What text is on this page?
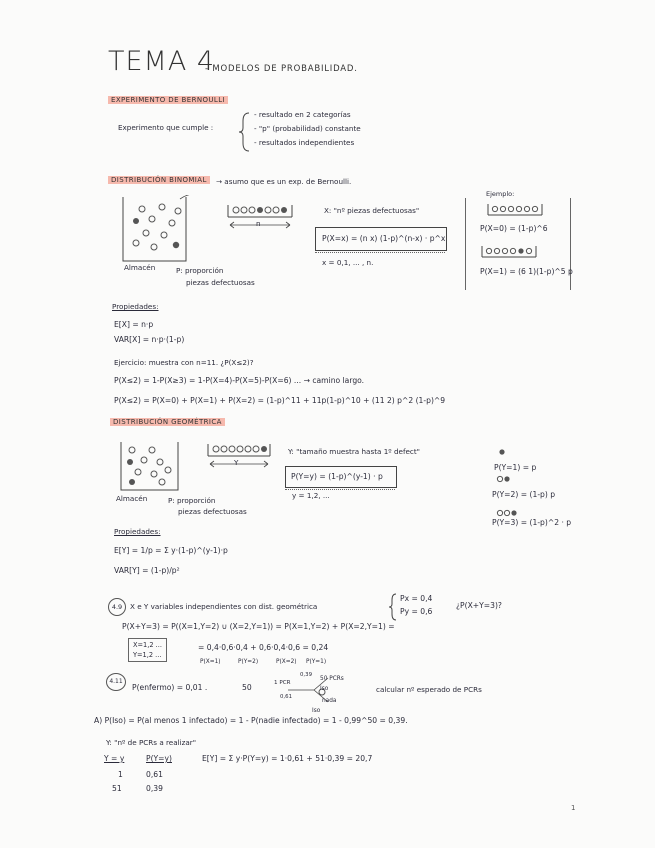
TEMA 4
- MODELOS DE PROBABILIDAD.
EXPERIMENTO DE BERNOULLI
Experimento que cumple :
- resultado en 2 categorías
- "p" (probabilidad) constante
- resultados independientes
DISTRIBUCIÓN BINOMIAL	→ asumo que es un exp. de Bernoulli.
Almacén	P: proporción
piezas defectuosas
n
X: "nº piezas defectuosas"
P(X=x) = (n x) (1-p)^(n-x) · p^x
x = 0,1, ... , n.
Ejemplo:
P(X=0) = (1-p)^6
P(X=1) = (6 1)(1-p)^5 p
Propiedades:
E[X] = n·p
VAR[X] = n·p·(1-p)
Ejercicio: muestra con n=11. ¿P(X≤2)?
P(X≤2) = 1-P(X≥3) = 1-P(X=4)-P(X=5)-P(X=6) ... → camino largo.
P(X≤2) = P(X=0) + P(X=1) + P(X=2) = (1-p)^11 + 11p(1-p)^10 + (11 2) p^2 (1-p)^9
DISTRIBUCIÓN GEOMÉTRICA
Almacén	P: proporción
piezas defectuosas
Y
Y: "tamaño muestra hasta 1º defect"
P(Y=y) = (1-p)^(y-1) · p
y = 1,2, ...
P(Y=1) = p
P(Y=2) = (1-p) p
P(Y=3) = (1-p)^2 · p
Propiedades:
E[Y] = 1/p = Σ y·(1-p)^(y-1)·p
VAR[Y] = (1-p)/p²
4.9	X e Y variables independientes con dist. geométrica
Px = 0,4
Py = 0,6
¿P(X+Y=3)?
P(X+Y=3) = P((X=1,Y=2) ∪ (X=2,Y=1)) = P(X=1,Y=2) + P(X=2,Y=1) =
X=1,2 ...
Y=1,2 ...
= 0,4·0,6·0,4 + 0,6·0,4·0,6 = 0,24
P(X=1)	P(Y=2)	P(X=2) P(Y=1)
4.11
P(enfermo) = 0,01 .	50	1 PCR
0,39
0,61
50 PCRs
Iso
nada
Iso
calcular nº esperado de PCRs
A) P(Iso) = P(al menos 1 infectado) = 1 - P(nadie infectado) = 1 - 0,99^50 = 0,39.
Y: "nº de PCRs a realizar"
Y = y	P(Y=y)
1	0,61
51	0,39
E[Y] = Σ y·P(Y=y) = 1·0,61 + 51·0,39 = 20,7
1
